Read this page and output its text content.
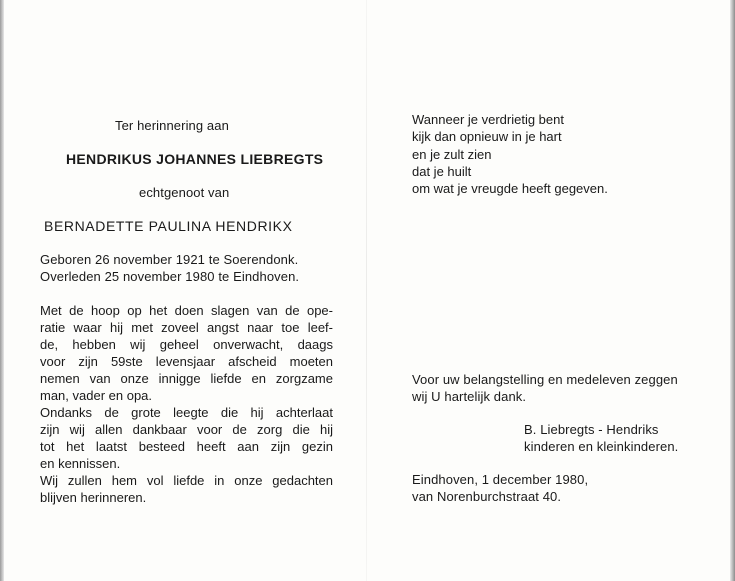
Ter herinnering aan
HENDRIKUS JOHANNES LIEBREGTS
echtgenoot van
BERNADETTE PAULINA HENDRIKX
Geboren 26 november 1921 te Soerendonk.
Overleden 25 november 1980 te Eindhoven.
Met de hoop op het doen slagen van de ope-
ratie waar hij met zoveel angst naar toe leef-
de, hebben wij geheel onverwacht, daags
voor zijn 59ste levensjaar afscheid moeten
nemen van onze innigge liefde en zorgzame
man, vader en opa.
Ondanks de grote leegte die hij achterlaat
zijn wij allen dankbaar voor de zorg die hij
tot het laatst besteed heeft aan zijn gezin
en kennissen.
Wij zullen hem vol liefde in onze gedachten
blijven herinneren.
Wanneer je verdrietig bent
kijk dan opnieuw in je hart
en je zult zien
dat je huilt
om wat je vreugde heeft gegeven.
Voor uw belangstelling en medeleven zeggen
wij U hartelijk dank.
B. Liebregts - Hendriks
kinderen en kleinkinderen.
Eindhoven, 1 december 1980,
van Norenburchstraat 40.
